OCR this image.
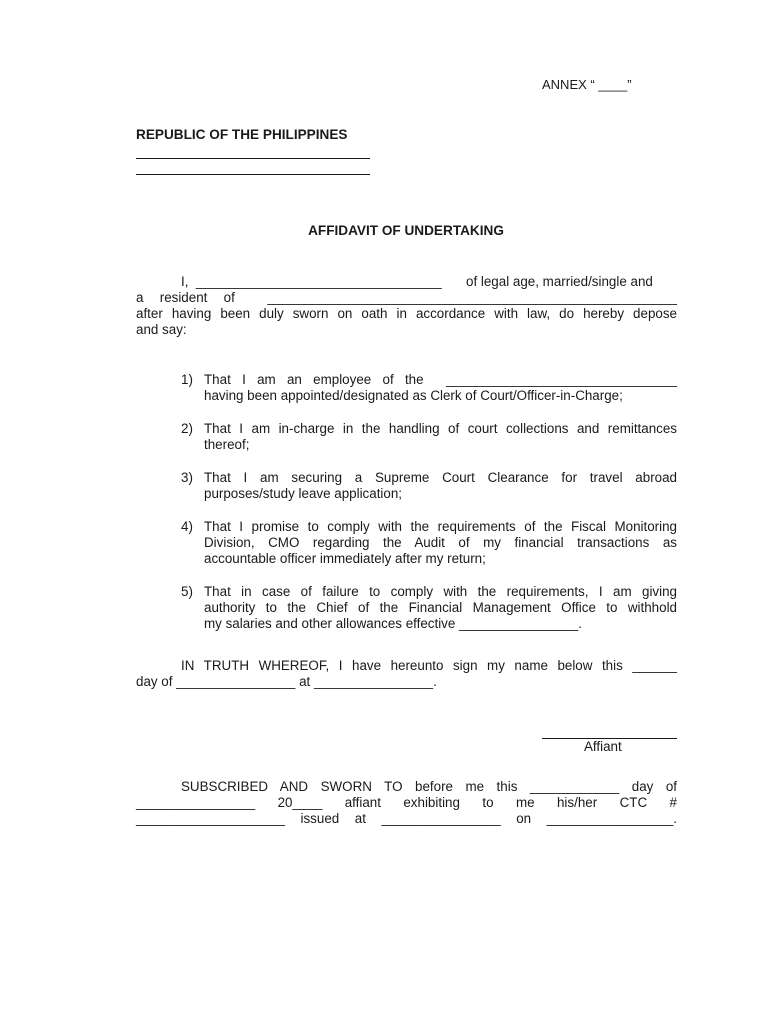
ANNEX “ ____”
REPUBLIC OF THE PHILIPPINES
AFFIDAVIT OF UNDERTAKING
I,  _________________________________ of legal age, married/single and
a resident of  _______________________________________________________
after having been duly sworn on oath in accordance with law, do hereby depose
and say:
1) That I am an employee of the  _______________________________
having been appointed/designated as Clerk of Court/Officer-in-Charge;
2) That I am in-charge in the handling of court collections and remittances
thereof;
3) That I am securing a Supreme Court Clearance for travel abroad
purposes/study leave application;
4) That I promise to comply with the requirements of the Fiscal Monitoring
Division, CMO regarding the Audit of my financial transactions as
accountable officer immediately after my return;
5) That in case of failure to comply with the requirements, I am giving
authority to the Chief of the Financial Management Office to withhold
my salaries and other allowances effective ________________.
IN TRUTH WHEREOF, I have hereunto sign my name below this ______
day of ________________ at ________________.
Affiant
SUBSCRIBED AND SWORN TO before me this ____________ day of
________________ 20____ affiant exhibiting to me his/her CTC #
____________________ issued at ________________ on _________________.
